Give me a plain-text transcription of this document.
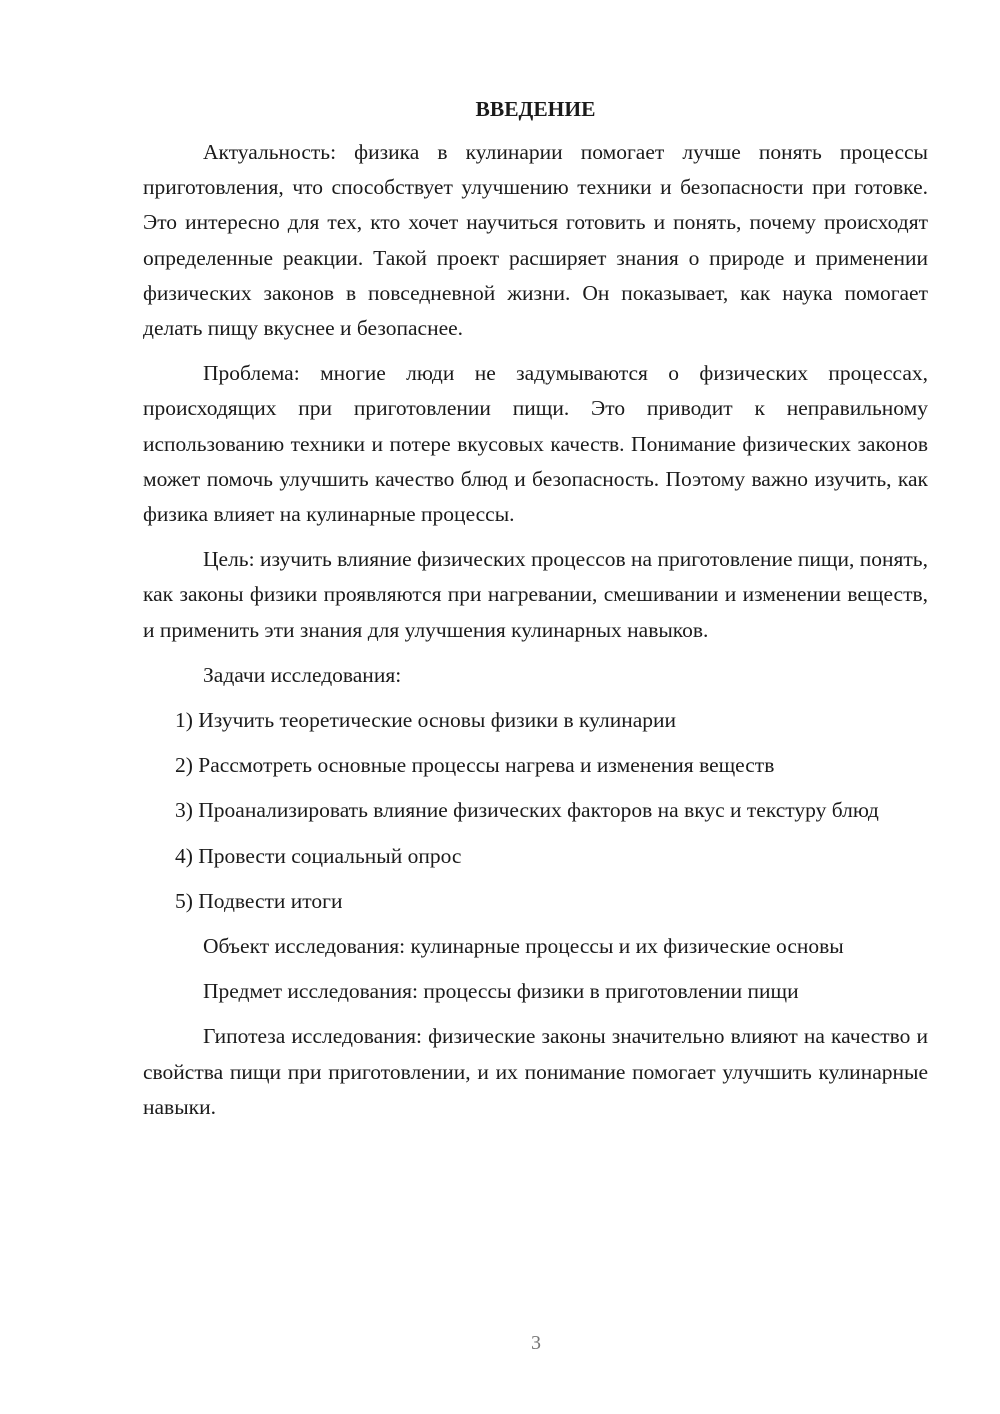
ВВЕДЕНИЕ

Актуальность: физика в кулинарии помогает лучше понять процессы приготовления, что способствует улучшению техники и безопасности при готовке. Это интересно для тех, кто хочет научиться готовить и понять, почему происходят определенные реакции. Такой проект расширяет знания о природе и применении физических законов в повседневной жизни. Он показывает, как наука помогает делать пищу вкуснее и безопаснее.

Проблема: многие люди не задумываются о физических процессах, происходящих при приготовлении пищи. Это приводит к неправильному использованию техники и потере вкусовых качеств. Понимание физических законов может помочь улучшить качество блюд и безопасность. Поэтому важно изучить, как физика влияет на кулинарные процессы.

Цель: изучить влияние физических процессов на приготовление пищи, понять, как законы физики проявляются при нагревании, смешивании и изменении веществ, и применить эти знания для улучшения кулинарных навыков.

Задачи исследования:

1) Изучить теоретические основы физики в кулинарии
2) Рассмотреть основные процессы нагрева и изменения веществ
3) Проанализировать влияние физических факторов на вкус и текстуру блюд
4) Провести социальный опрос
5) Подвести итоги

Объект исследования: кулинарные процессы и их физические основы

Предмет исследования: процессы физики в приготовлении пищи

Гипотеза исследования: физические законы значительно влияют на качество и свойства пищи при приготовлении, и их понимание помогает улучшить кулинарные навыки.

3
